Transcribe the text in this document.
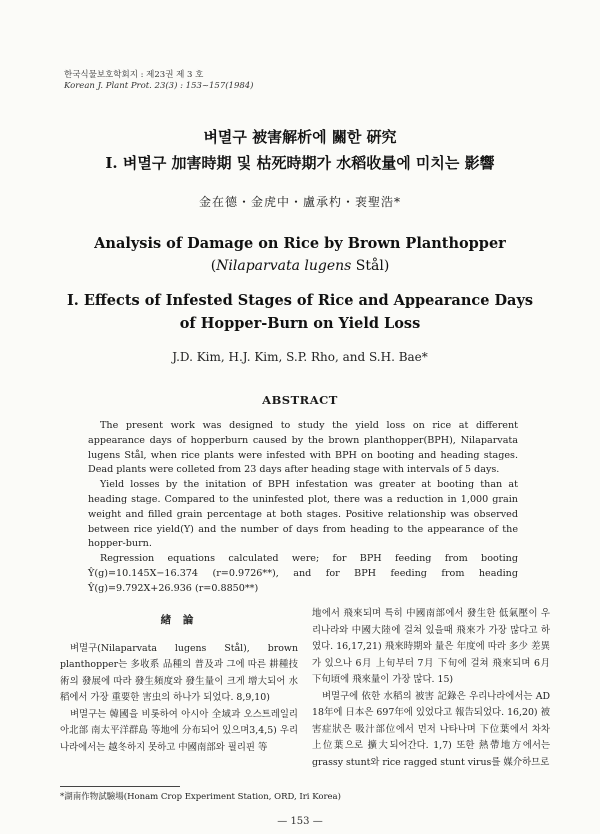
한국식물보호학회지 : 제23권 제 3 호
Korean J. Plant Prot. 23(3) : 153~157(1984)
벼멸구 被害解析에 關한 硏究
I. 벼멸구 加害時期 및 枯死時期가 水稻收量에 미치는 影響
金在德・金虎中・盧承杓・裵聖浩*
Analysis of Damage on Rice by Brown Planthopper
(Nilaparvata lugens Stål)
I. Effects of Infested Stages of Rice and Appearance Days
of Hopper-Burn on Yield Loss
J.D. Kim, H.J. Kim, S.P. Rho, and S.H. Bae*
ABSTRACT

The present work was designed to study the yield loss on rice at different appearance days of hopperburn caused by the brown planthopper(BPH), Nilaparvata lugens Stål, when rice plants were infested with BPH on booting and heading stages. Dead plants were colleted from 23 days after heading stage with intervals of 5 days.

Yield losses by the initation of BPH infestation was greater at booting than at heading stage. Compared to the uninfested plot, there was a reduction in 1,000 grain weight and filled grain percentage at both stages. Positive relationship was observed between rice yield(Y) and the number of days from heading to the appearance of the hopper-burn.

Regression equations calculated were; for BPH feeding from booting Ŷ(g)=10.145X−16.374 (r=0.9726**), and for BPH feeding from heading Ŷ(g)=9.792X+26.936 (r=0.8850**)

緖 論

벼멸구(Nilaparvata lugens Stål), brown planthopper는 多收系 品種의 普及과 그에 따른 耕種技術의 發展에 따라 發生頻度와 發生量이 크게 增大되어 水稻에서 가장 重要한 害虫의 하나가 되었다. 8,9,10)

벼멸구는 韓國을 비롯하여 아시아 全域과 오스트레일리아北部 南太平洋群島 等地에 分布되어 있으며3,4,5) 우리나라에서는 越冬하지 못하고 中國南部와 필리핀 等

地에서 飛來되며 특히 中國南部에서 發生한 低氣壓이 우리나라와 中國大陸에 걸쳐 있을때 飛來가 가장 많다고 하였다. 16,17,21) 飛來時期와 量은 年度에 따라 多少 差異가 있으나 6月 上旬부터 7月 下旬에 걸쳐 飛來되며 6月 下旬頃에 飛來量이 가장 많다. 15)

벼멸구에 依한 水稻의 被害 記錄은 우리나라에서는 AD 18年에 日本은 697年에 있었다고 報告되었다. 16,20) 被害症狀은 吸汁部位에서 먼저 나타나며 下位葉에서 차차 上位葉으로 擴大되어간다. 1,7) 또한 熱帶地方에서는 grassy stunt와 rice ragged stunt virus를 媒介하므로

*湖南作物試驗場(Honam Crop Experiment Station, ORD, Iri Korea)
— 153 —
